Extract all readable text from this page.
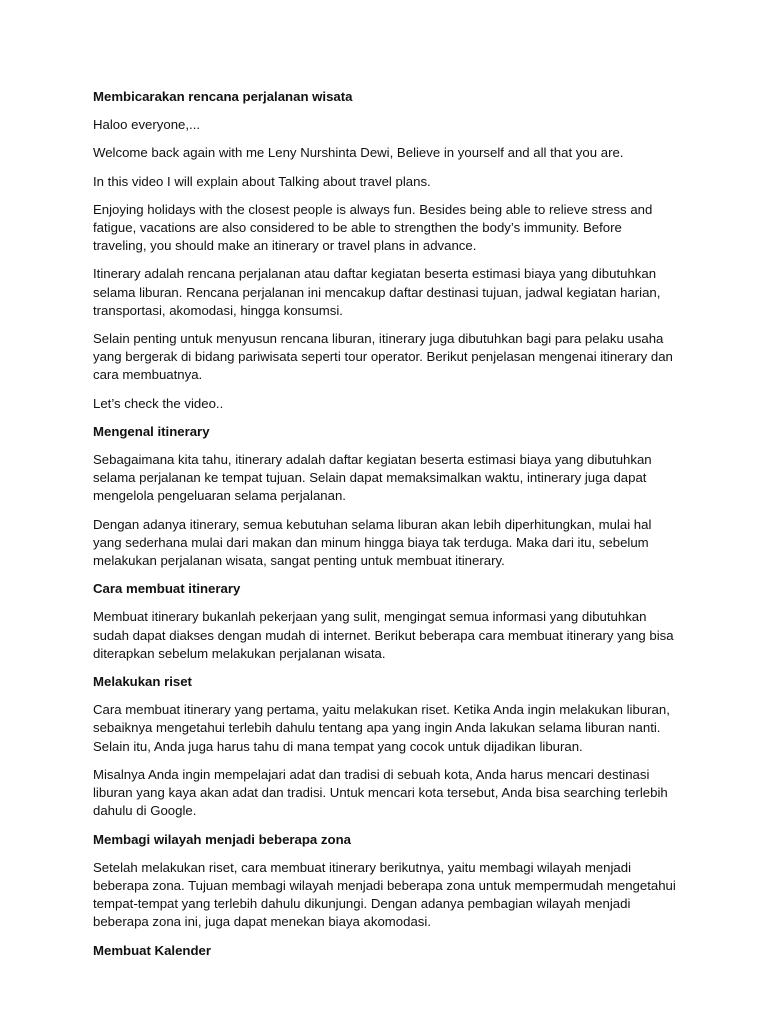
Membicarakan rencana perjalanan wisata

Haloo everyone,...

Welcome back again with me Leny Nurshinta Dewi, Believe in yourself and all that you are.

In this video I will explain about Talking about travel plans.

Enjoying holidays with the closest people is always fun. Besides being able to relieve stress and
fatigue, vacations are also considered to be able to strengthen the body’s immunity. Before
traveling, you should make an itinerary or travel plans in advance.

Itinerary adalah rencana perjalanan atau daftar kegiatan beserta estimasi biaya yang dibutuhkan
selama liburan. Rencana perjalanan ini mencakup daftar destinasi tujuan, jadwal kegiatan harian,
transportasi, akomodasi, hingga konsumsi.

Selain penting untuk menyusun rencana liburan, itinerary juga dibutuhkan bagi para pelaku usaha
yang bergerak di bidang pariwisata seperti tour operator. Berikut penjelasan mengenai itinerary dan
cara membuatnya.

Let’s check the video..

Mengenal itinerary

Sebagaimana kita tahu, itinerary adalah daftar kegiatan beserta estimasi biaya yang dibutuhkan
selama perjalanan ke tempat tujuan. Selain dapat memaksimalkan waktu, intinerary juga dapat
mengelola pengeluaran selama perjalanan.

Dengan adanya itinerary, semua kebutuhan selama liburan akan lebih diperhitungkan, mulai hal
yang sederhana mulai dari makan dan minum hingga biaya tak terduga. Maka dari itu, sebelum
melakukan perjalanan wisata, sangat penting untuk membuat itinerary.

Cara membuat itinerary

Membuat itinerary bukanlah pekerjaan yang sulit, mengingat semua informasi yang dibutuhkan
sudah dapat diakses dengan mudah di internet. Berikut beberapa cara membuat itinerary yang bisa
diterapkan sebelum melakukan perjalanan wisata.

Melakukan riset

Cara membuat itinerary yang pertama, yaitu melakukan riset. Ketika Anda ingin melakukan liburan,
sebaiknya mengetahui terlebih dahulu tentang apa yang ingin Anda lakukan selama liburan nanti.
Selain itu, Anda juga harus tahu di mana tempat yang cocok untuk dijadikan liburan.

Misalnya Anda ingin mempelajari adat dan tradisi di sebuah kota, Anda harus mencari destinasi
liburan yang kaya akan adat dan tradisi. Untuk mencari kota tersebut, Anda bisa searching terlebih
dahulu di Google.

Membagi wilayah menjadi beberapa zona

Setelah melakukan riset, cara membuat itinerary berikutnya, yaitu membagi wilayah menjadi
beberapa zona. Tujuan membagi wilayah menjadi beberapa zona untuk mempermudah mengetahui
tempat-tempat yang terlebih dahulu dikunjungi. Dengan adanya pembagian wilayah menjadi
beberapa zona ini, juga dapat menekan biaya akomodasi.

Membuat Kalender
